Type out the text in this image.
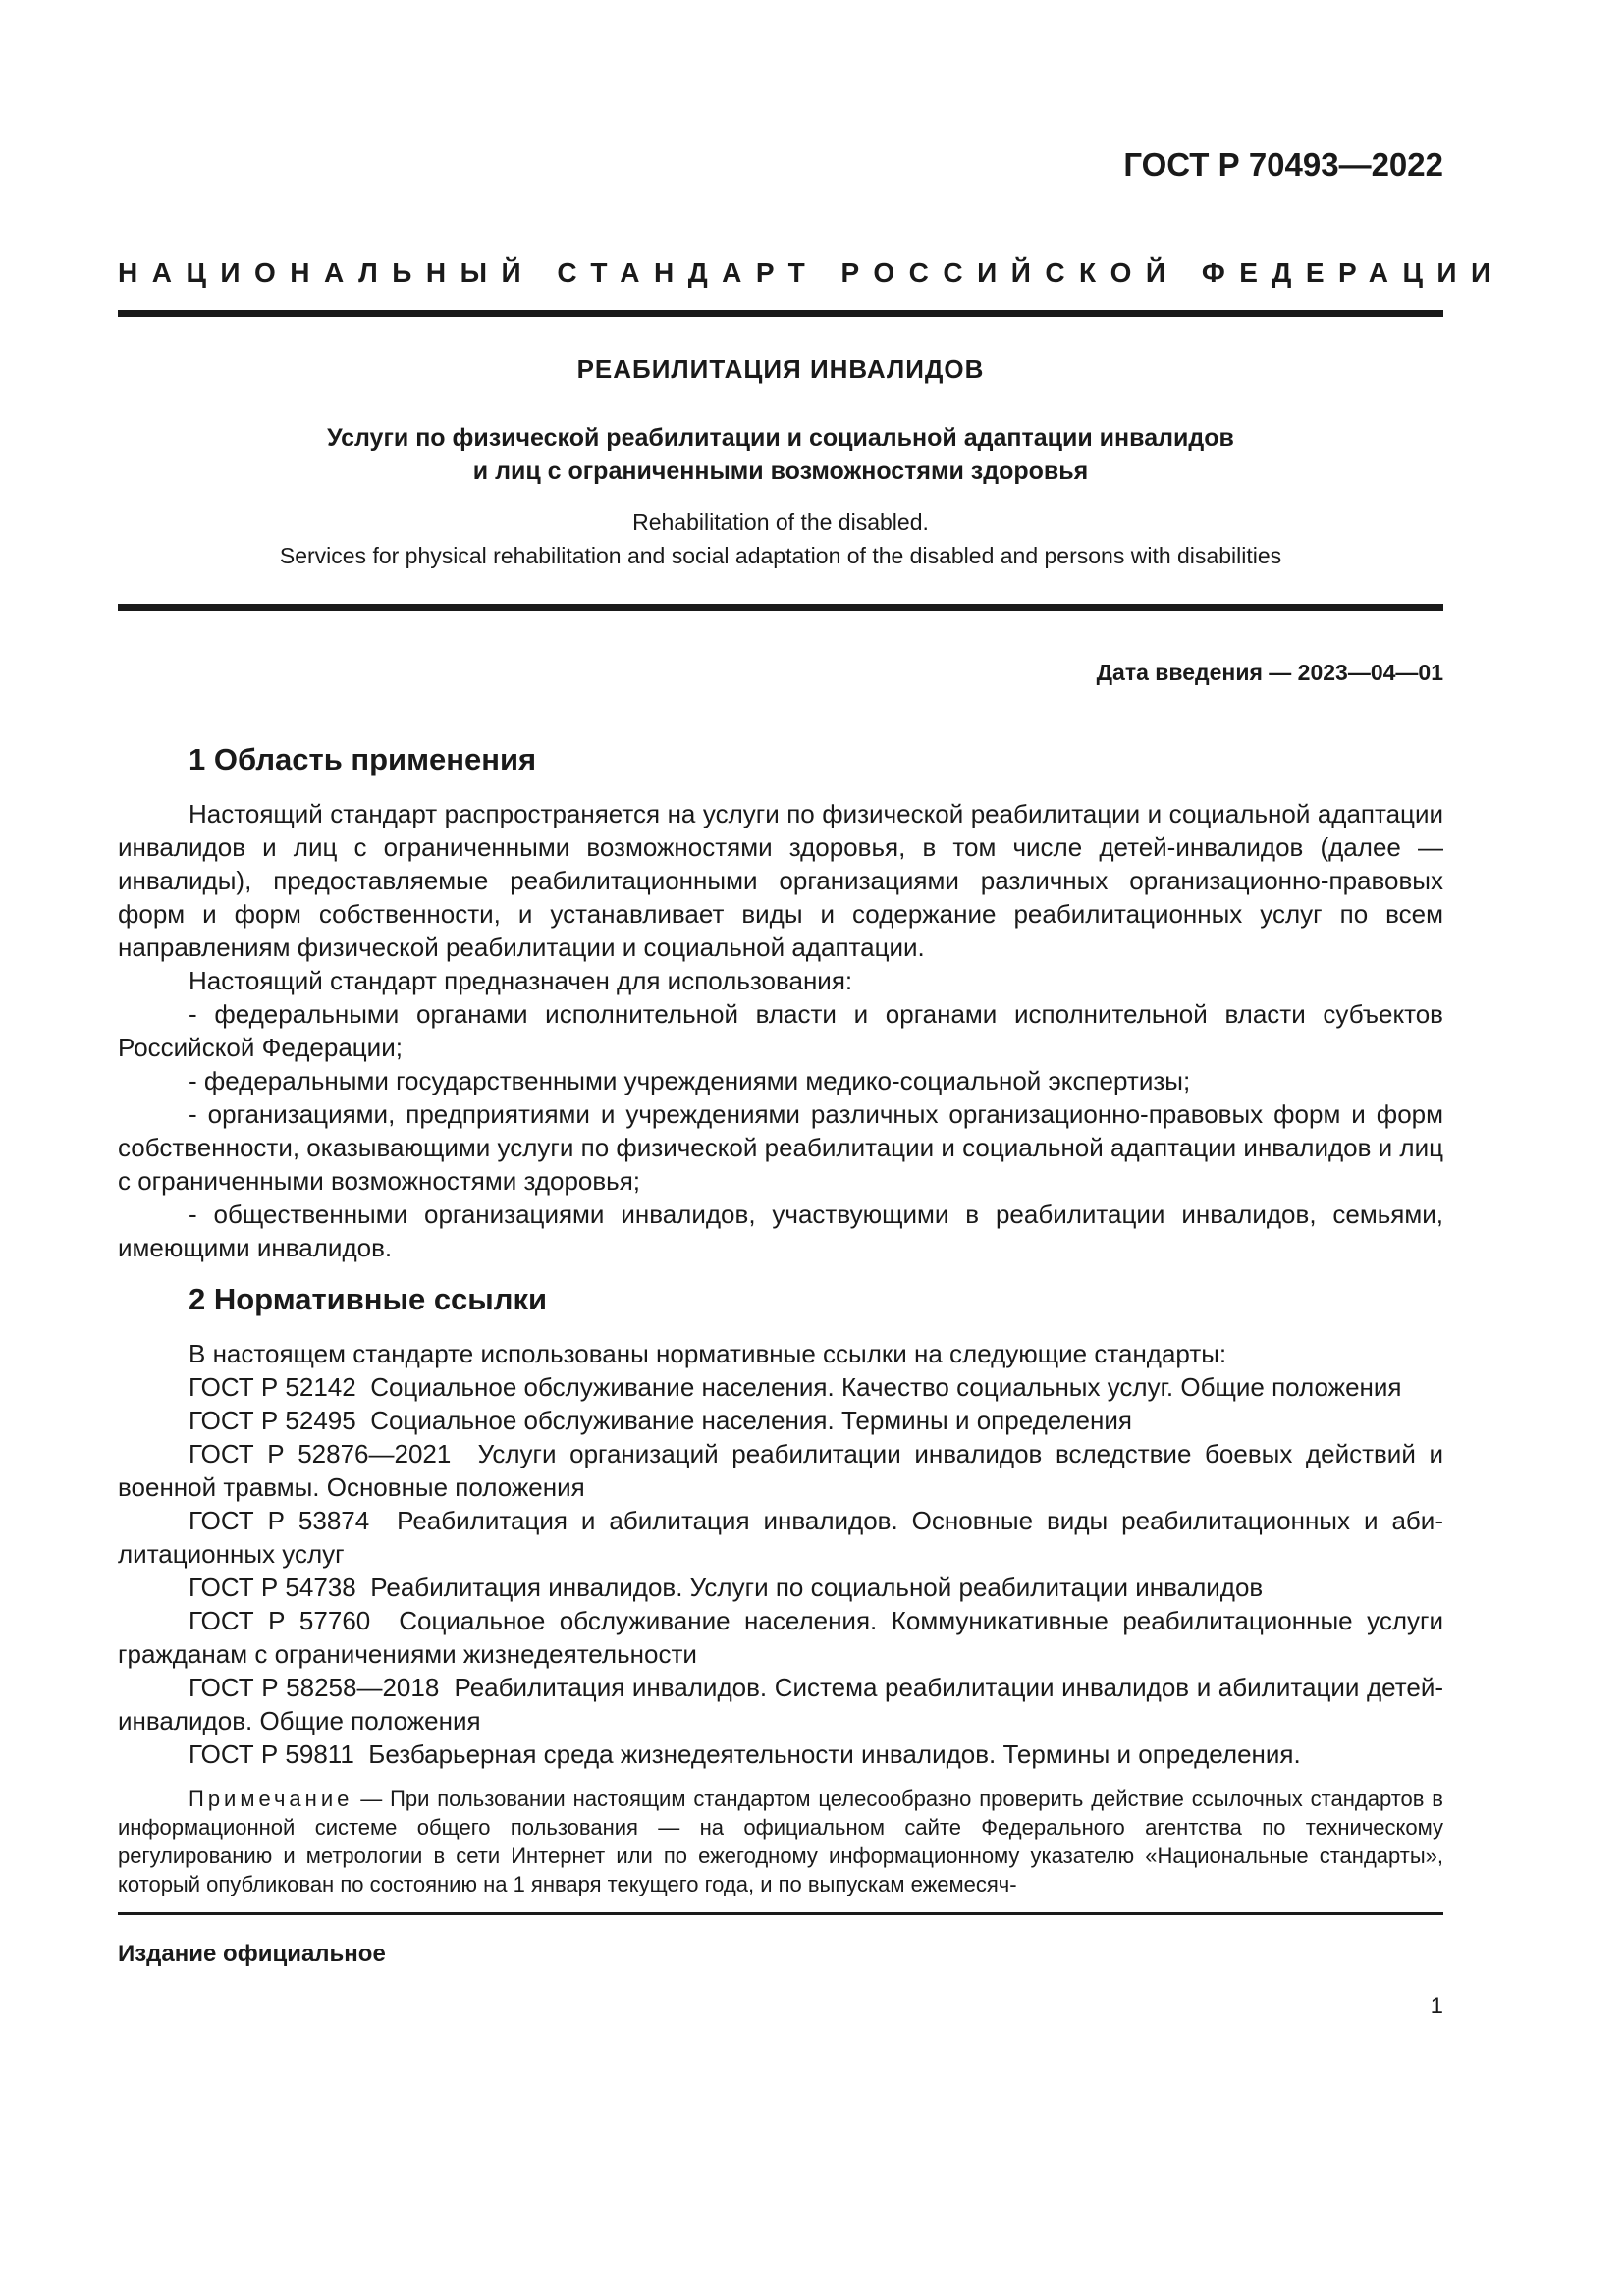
ГОСТ Р 70493—2022
НАЦИОНАЛЬНЫЙ СТАНДАРТ РОССИЙСКОЙ ФЕДЕРАЦИИ
РЕАБИЛИТАЦИЯ ИНВАЛИДОВ
Услуги по физической реабилитации и социальной адаптации инвалидов
и лиц с ограниченными возможностями здоровья
Rehabilitation of the disabled.
Services for physical rehabilitation and social adaptation of the disabled and persons with disabilities
Дата введения — 2023—04—01
1 Область применения

Настоящий стандарт распространяется на услуги по физической реабилитации и социальной адаптации инвалидов и лиц с ограниченными возможностями здоровья, в том числе детей-инвалидов (далее — инвалиды), предоставляемые реабилитационными организациями различных организационно-правовых форм и форм собственности, и устанавливает виды и содержание реабилитационных услуг по всем направлениям физической реабилитации и социальной адаптации.

Настоящий стандарт предназначен для использования:

- федеральными органами исполнительной власти и органами исполнительной власти субъектов Российской Федерации;

- федеральными государственными учреждениями медико-социальной экспертизы;

- организациями, предприятиями и учреждениями различных организационно-правовых форм и форм собственности, оказывающими услуги по физической реабилитации и социальной адаптации инвалидов и лиц с ограниченными возможностями здоровья;

- общественными организациями инвалидов, участвующими в реабилитации инвалидов, семьями, имеющими инвалидов.

2 Нормативные ссылки

В настоящем стандарте использованы нормативные ссылки на следующие стандарты:

ГОСТ Р 52142 Социальное обслуживание населения. Качество социальных услуг. Общие положения

ГОСТ Р 52495 Социальное обслуживание населения. Термины и определения

ГОСТ Р 52876—2021 Услуги организаций реабилитации инвалидов вследствие боевых действий и военной травмы. Основные положения

ГОСТ Р 53874 Реабилитация и абилитация инвалидов. Основные виды реабилитационных и абилитационных услуг

ГОСТ Р 54738 Реабилитация инвалидов. Услуги по социальной реабилитации инвалидов

ГОСТ Р 57760 Социальное обслуживание населения. Коммуникативные реабилитационные услуги гражданам с ограничениями жизнедеятельности

ГОСТ Р 58258—2018 Реабилитация инвалидов. Система реабилитации инвалидов и абилитации детей-инвалидов. Общие положения

ГОСТ Р 59811 Безбарьерная среда жизнедеятельности инвалидов. Термины и определения.

Примечание — При пользовании настоящим стандартом целесообразно проверить действие ссылочных стандартов в информационной системе общего пользования — на официальном сайте Федерального агентства по техническому регулированию и метрологии в сети Интернет или по ежегодному информационному указателю «Национальные стандарты», который опубликован по состоянию на 1 января текущего года, и по выпускам ежемесяч-
Издание официальное
1
